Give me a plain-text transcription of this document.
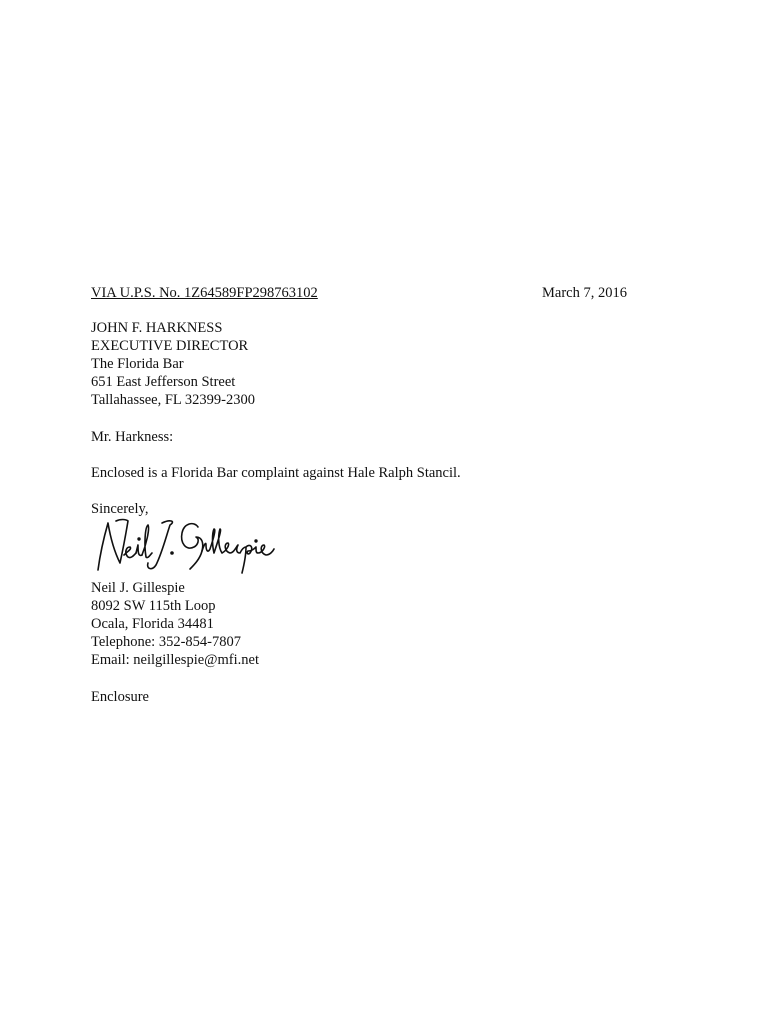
VIA U.P.S. No. 1Z64589FP298763102	March 7, 2016
JOHN F. HARKNESS
EXECUTIVE DIRECTOR
The Florida Bar
651 East Jefferson Street
Tallahassee, FL 32399-2300
Mr. Harkness:
Enclosed is a Florida Bar complaint against Hale Ralph Stancil.
Sincerely,
Neil J. Gillespie
8092 SW 115th Loop
Ocala, Florida 34481
Telephone: 352-854-7807
Email: neilgillespie@mfi.net
Enclosure
